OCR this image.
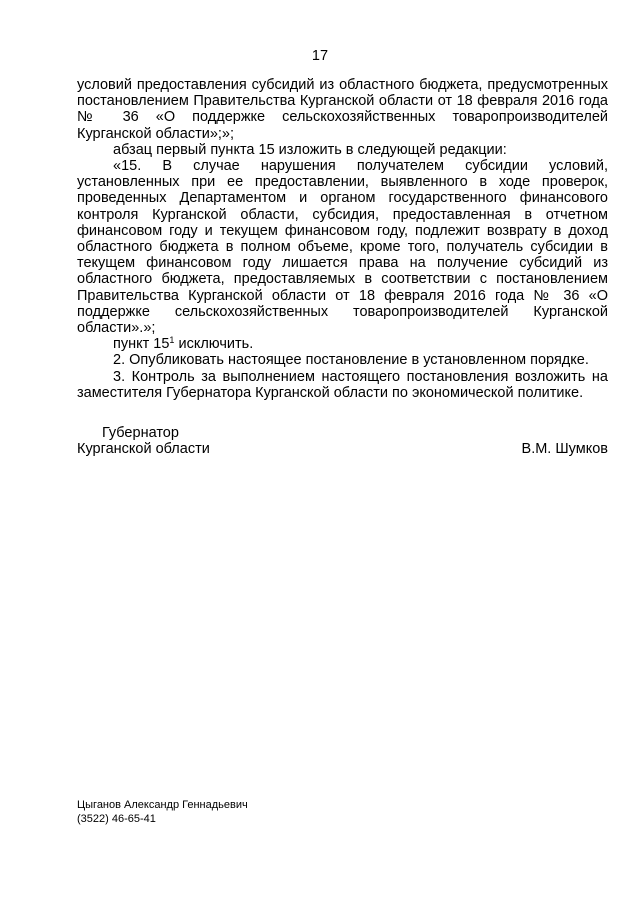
17

условий предоставления субсидий из областного бюджета, предусмотренных постановлением Правительства Курганской области от 18 февраля 2016 года № 36 «О поддержке сельскохозяйственных товаропроизводителей Курганской области»;»;

абзац первый пункта 15 изложить в следующей редакции:

«15. В случае нарушения получателем субсидии условий, установленных при ее предоставлении, выявленного в ходе проверок, проведенных Департаментом и органом государственного финансового контроля Курганской области, субсидия, предоставленная в отчетном финансовом году и текущем финансовом году, подлежит возврату в доход областного бюджета в полном объеме, кроме того, получатель субсидии в текущем финансовом году лишается права на получение субсидий из областного бюджета, предоставляемых в соответствии с постановлением Правительства Курганской области от 18 февраля 2016 года № 36 «О поддержке сельскохозяйственных товаропроизводителей Курганской области».»;

пункт $15^1$ исключить.

2. Опубликовать настоящее постановление в установленном порядке.

3. Контроль за выполнением настоящего постановления возложить на заместителя Губернатора Курганской области по экономической политике.

Губернатор
Курганской области	В.М. Шумков
Цыганов Александр Геннадьевич
(3522) 46-65-41
